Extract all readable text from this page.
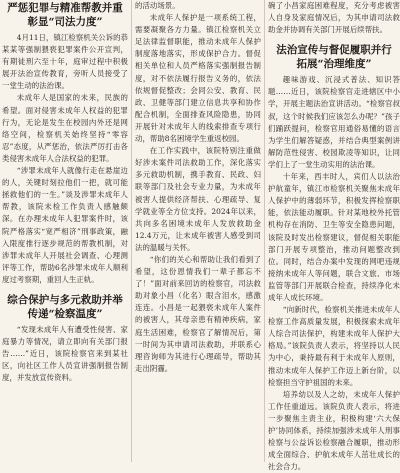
严惩犯罪与精准帮教并重
彰显“司法力度”

4月11日，镇江检察机关公诉的恭某某等强制猥亵犯罪案件公开宣判，有期徒刑六至十年，庭审过程中积极展开法治宣传教育，旁听人员接受了一堂生动的法治课。

未成年人是国家的未来，民族的希望。面对侵害未成年人权益的犯罪行为，无论是发生在校园内外还是网络空间，检察机关始终坚持“零容忍”态度，从严惩治，依法严厉打击各类侵害未成年人合法权益的犯罪。

“涉罪未成年人就像行走在悬崖边的人，关键时刻拉他们一把，就可能拯救他们的一生。”谈及涉罪未成年人帮教，该院未检工作负责人感触颇深。在办理未成年人犯罪案件时，该院严格落实“宽严相济”刑事政策，融入限度推行逐步规范的帮教机制，对涉罪未成年人开展社会调查、心理测评等工作，帮助6名涉罪未成年人顺利度过考察期，重回人生正轨。

综合保护与多元救助并举
传递“检察温度”

“发现未成年人有遭受性侵害、家庭暴力等情况，请立即向有关部门报告……”近日，该院检察官来到某社区，向社区工作人员宣讲强制报告制度，并发放宣传资料。

的活动场景。

未成年人保护是一项系统工程，需要凝聚各方力量。镇江检察机关立足法律监督职能，推动未成年人保护制度落地落实，形成保护合力。督促相关单位和人员严格落实强制报告制度，对不依法履行报告义务的，依法依规督促整改；会同公安、教育、民政、卫健等部门建立信息共享和协作配合机制，全面排查风险隐患，协同开展针对未成年人的线索排查专项行动，帮助8名困境学生重返校园。

在工作实践中，该院特别注重做好涉未案件司法救助工作，深化落实多元救助机制，携手教育、民政、妇联等部门及社会专业力量，为未成年被害人提供经济帮扶、心理疏导、复学就业等全方位支持。2024年以来，共向多名困境未成年人发放救助金12.4万元，让未成年被害人感受到司法的温暖与关怀。

“你们的关心和帮助让我们看到了希望，这份恩情我们一辈子都忘不了！”面对前来回访的检察官，司法救助对象小昌（化名）眼含泪水，感激连连。小昌是一起猥亵未成年人案件的被害人，其母亲患有精神疾病，家庭生活困难，检察官了解情况后，第一时间为其申请司法救助，并联系心理咨询师为其进行心理疏导，帮助其走出阴霾。

碗了小昌家庭困难程度，充分考虑被害人自身及家庭情况后，为其申请司法救助金并协调有关部门开展后续帮扶。

法治宣传与督促履职并行
拓展“治理维度”

趣味游戏、沉浸式普法、知识答题……近日，该院检察官走进辖区中小学，开展主题法治宣讲活动。“检察官叔叔，这个时候我们应该怎么办呢？”孩子们踊跃提问，检察官用通俗易懂的语言为学生们解答疑惑，并结合典型案例讲解防范性侵害、校园欺凌等知识，让同学们上了一堂生动实用的法治课。

十年来，西丰时人，宾们人以法治护航童年，镇江市检察机关聚焦未成年人保护中的薄弱环节，积极发挥检察职能，依法能动履职。针对某地校外托管机构存在消防、卫生等安全隐患问题，该院及时发出检察建议，督促相关职能部门开展专项整治，推动问题整改到位。同时，结合办案中发现的网吧违规接纳未成年人等问题，联合文旅、市场监管等部门开展联合检查，持续净化未成年人成长环境。

“向新时代，检察机关推进未成年人检察工作高质量发展，积极探索未成年人综合司法保护，构建未成年人保护大格局。”该院负责人表示，将坚持以人民为中心，秉持最有利于未成年人原则，推动未成年人保护工作迈上新台阶，以检察担当守护祖国的未来。

培养幼以及人之幼，未成年人保护工作任重道远。该院负责人表示，将进一步聚焦主责主业，积极构建‘六大保护’协同体系，持续加强涉未成年人刑事检察与公益诉讼检察融合履职，推动形成全面综合、护航未成年人茁壮成长的社会合力。
